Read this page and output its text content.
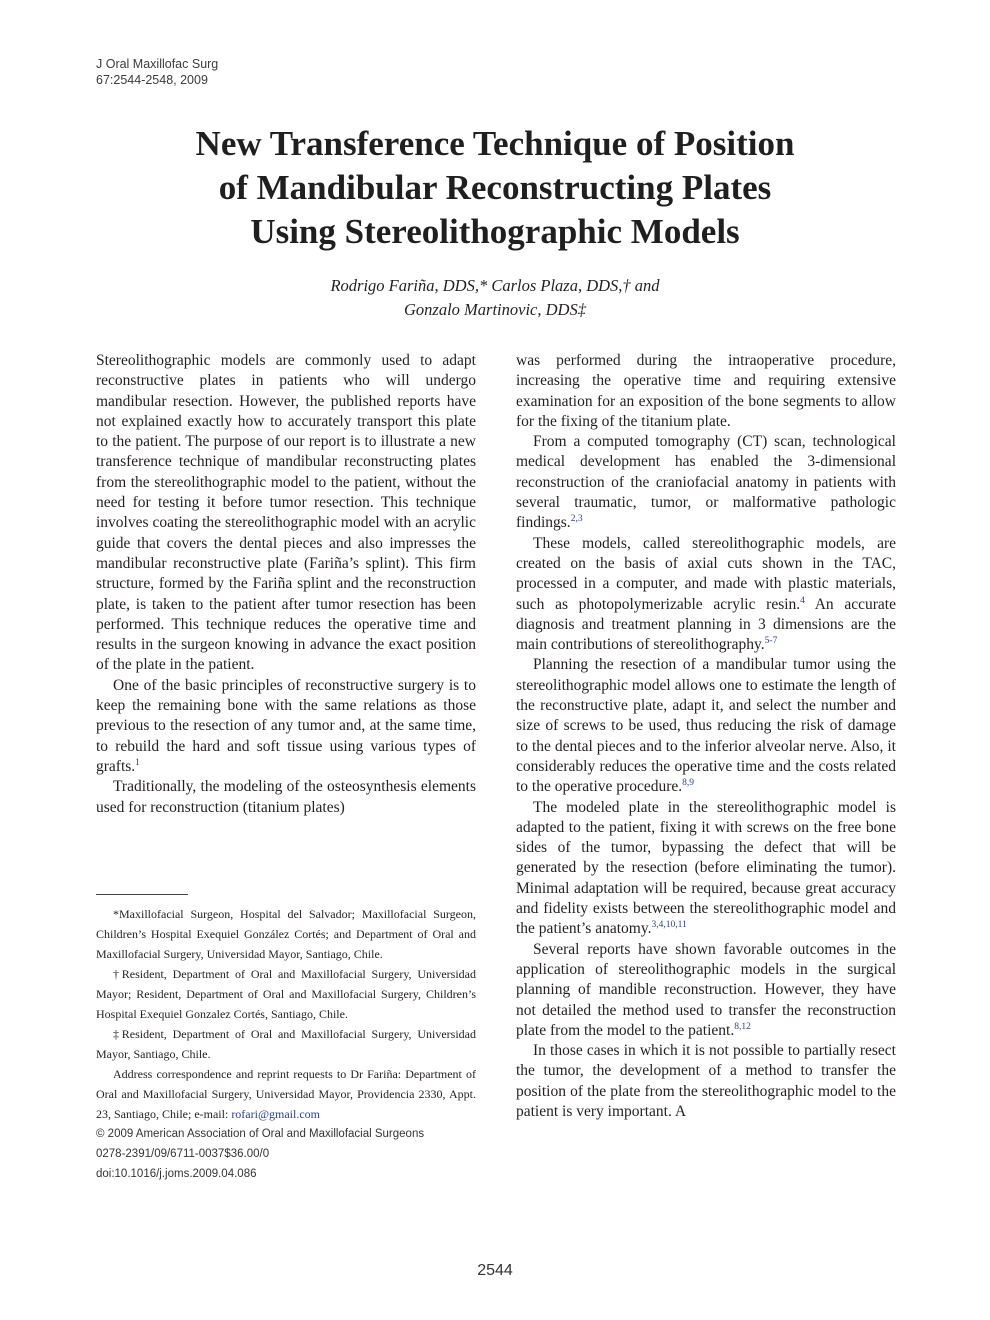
J Oral Maxillofac Surg
67:2544-2548, 2009
New Transference Technique of Position
of Mandibular Reconstructing Plates
Using Stereolithographic Models
Rodrigo Fariña, DDS,* Carlos Plaza, DDS,† and
Gonzalo Martinovic, DDS‡

Stereolithographic models are commonly used to adapt reconstructive plates in patients who will undergo mandibular resection. However, the published reports have not explained exactly how to accurately transport this plate to the patient. The purpose of our report is to illustrate a new transference technique of mandibular reconstructing plates from the stereolithographic model to the patient, without the need for testing it before tumor resection. This technique involves coating the stereolithographic model with an acrylic guide that covers the dental pieces and also impresses the mandibular reconstructive plate (Fariña’s splint). This firm structure, formed by the Fariña splint and the reconstruction plate, is taken to the patient after tumor resection has been performed. This technique reduces the operative time and results in the surgeon knowing in advance the exact position of the plate in the patient.

One of the basic principles of reconstructive surgery is to keep the remaining bone with the same relations as those previous to the resection of any tumor and, at the same time, to rebuild the hard and soft tissue using various types of grafts.$^1$

Traditionally, the modeling of the osteosynthesis elements used for reconstruction (titanium plates)

*Maxillofacial Surgeon, Hospital del Salvador; Maxillofacial Surgeon, Children’s Hospital Exequiel González Cortés; and Department of Oral and Maxillofacial Surgery, Universidad Mayor, Santiago, Chile.

†Resident, Department of Oral and Maxillofacial Surgery, Universidad Mayor; Resident, Department of Oral and Maxillofacial Surgery, Children’s Hospital Exequiel Gonzalez Cortés, Santiago, Chile.

‡Resident, Department of Oral and Maxillofacial Surgery, Universidad Mayor, Santiago, Chile.

Address correspondence and reprint requests to Dr Fariña: Department of Oral and Maxillofacial Surgery, Universidad Mayor, Providencia 2330, Appt. 23, Santiago, Chile; e-mail: rofari@gmail.com

© 2009 American Association of Oral and Maxillofacial Surgeons
0278-2391/09/6711-0037$36.00/0
doi:10.1016/j.joms.2009.04.086

was performed during the intraoperative procedure, increasing the operative time and requiring extensive examination for an exposition of the bone segments to allow for the fixing of the titanium plate.

From a computed tomography (CT) scan, technological medical development has enabled the 3-dimensional reconstruction of the craniofacial anatomy in patients with several traumatic, tumor, or malformative pathologic findings.$^{2,3}$

These models, called stereolithographic models, are created on the basis of axial cuts shown in the TAC, processed in a computer, and made with plastic materials, such as photopolymerizable acrylic resin.$^4$ An accurate diagnosis and treatment planning in 3 dimensions are the main contributions of stereolithography.$^{5-7}$

Planning the resection of a mandibular tumor using the stereolithographic model allows one to estimate the length of the reconstructive plate, adapt it, and select the number and size of screws to be used, thus reducing the risk of damage to the dental pieces and to the inferior alveolar nerve. Also, it considerably reduces the operative time and the costs related to the operative procedure.$^{8,9}$

The modeled plate in the stereolithographic model is adapted to the patient, fixing it with screws on the free bone sides of the tumor, bypassing the defect that will be generated by the resection (before eliminating the tumor). Minimal adaptation will be required, because great accuracy and fidelity exists between the stereolithographic model and the patient’s anatomy.$^{3,4,10,11}$

Several reports have shown favorable outcomes in the application of stereolithographic models in the surgical planning of mandible reconstruction. However, they have not detailed the method used to transfer the reconstruction plate from the model to the patient.$^{8,12}$

In those cases in which it is not possible to partially resect the tumor, the development of a method to transfer the position of the plate from the stereolithographic model to the patient is very important. A

2544
